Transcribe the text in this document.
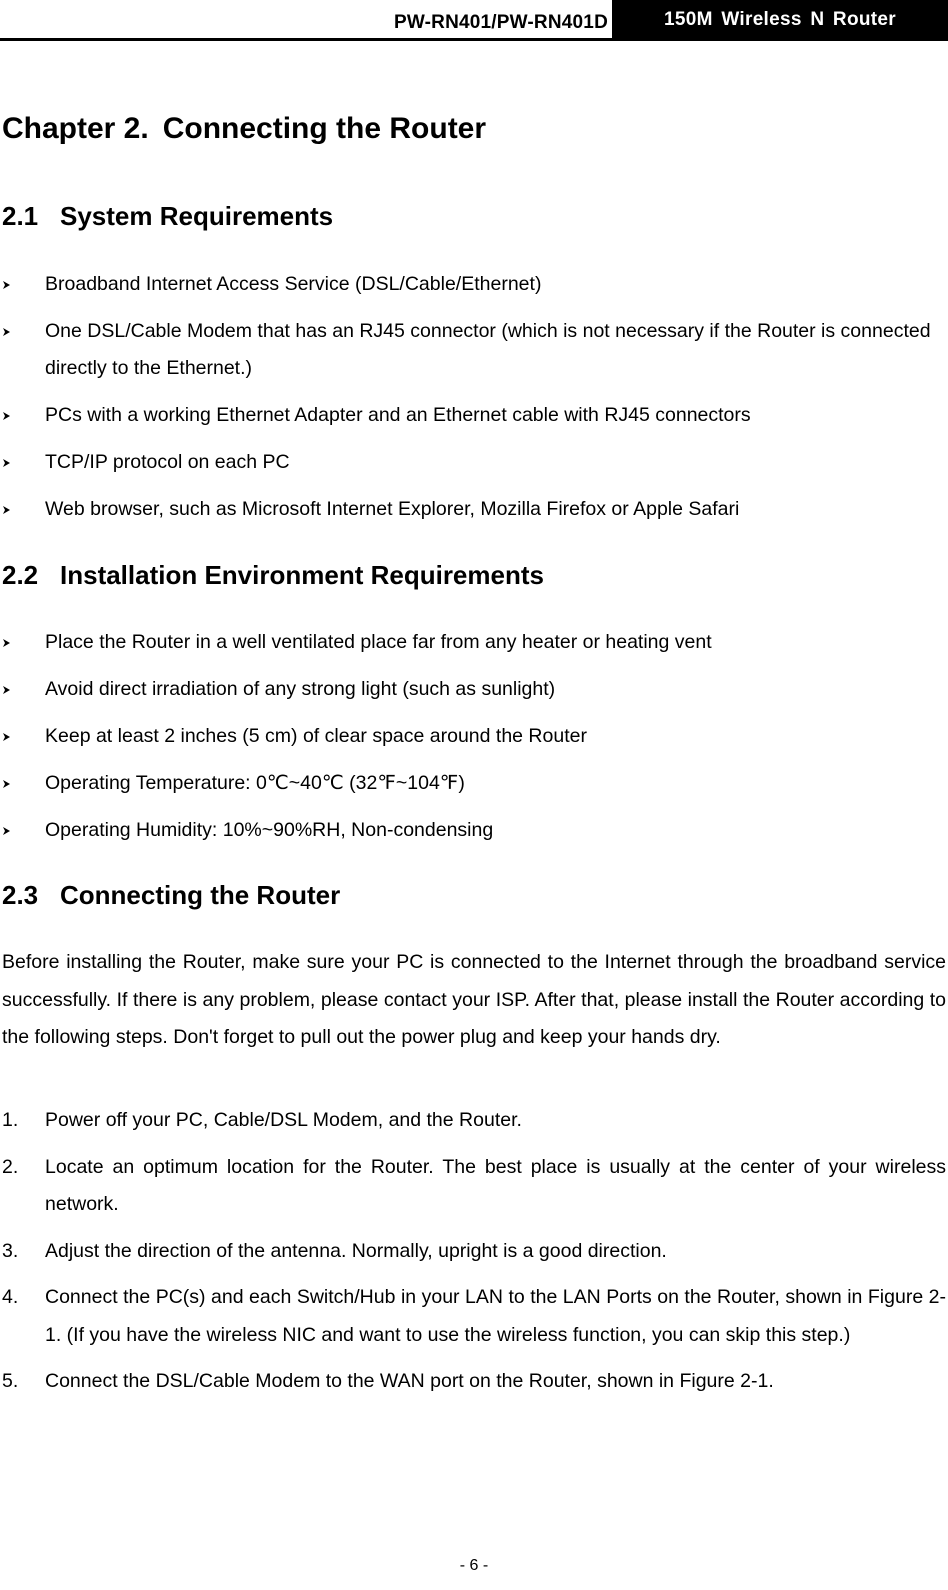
PW-RN401/PW-RN401D	150M Wireless N Router
Chapter 2. Connecting the Router
2.1 System Requirements
Broadband Internet Access Service (DSL/Cable/Ethernet)
One DSL/Cable Modem that has an RJ45 connector (which is not necessary if the Router is connected directly to the Ethernet.)
PCs with a working Ethernet Adapter and an Ethernet cable with RJ45 connectors
TCP/IP protocol on each PC
Web browser, such as Microsoft Internet Explorer, Mozilla Firefox or Apple Safari
2.2 Installation Environment Requirements
Place the Router in a well ventilated place far from any heater or heating vent
Avoid direct irradiation of any strong light (such as sunlight)
Keep at least 2 inches (5 cm) of clear space around the Router
Operating Temperature: 0℃~40℃ (32℉~104℉)
Operating Humidity: 10%~90%RH, Non-condensing
2.3 Connecting the Router

Before installing the Router, make sure your PC is connected to the Internet through the broadband service successfully. If there is any problem, please contact your ISP. After that, please install the Router according to the following steps. Don't forget to pull out the power plug and keep your hands dry.

1. Power off your PC, Cable/DSL Modem, and the Router.
2. Locate an optimum location for the Router. The best place is usually at the center of your wireless network.
3. Adjust the direction of the antenna. Normally, upright is a good direction.
4. Connect the PC(s) and each Switch/Hub in your LAN to the LAN Ports on the Router, shown in Figure 2-1. (If you have the wireless NIC and want to use the wireless function, you can skip this step.)
5. Connect the DSL/Cable Modem to the WAN port on the Router, shown in Figure 2-1.
- 6 -
